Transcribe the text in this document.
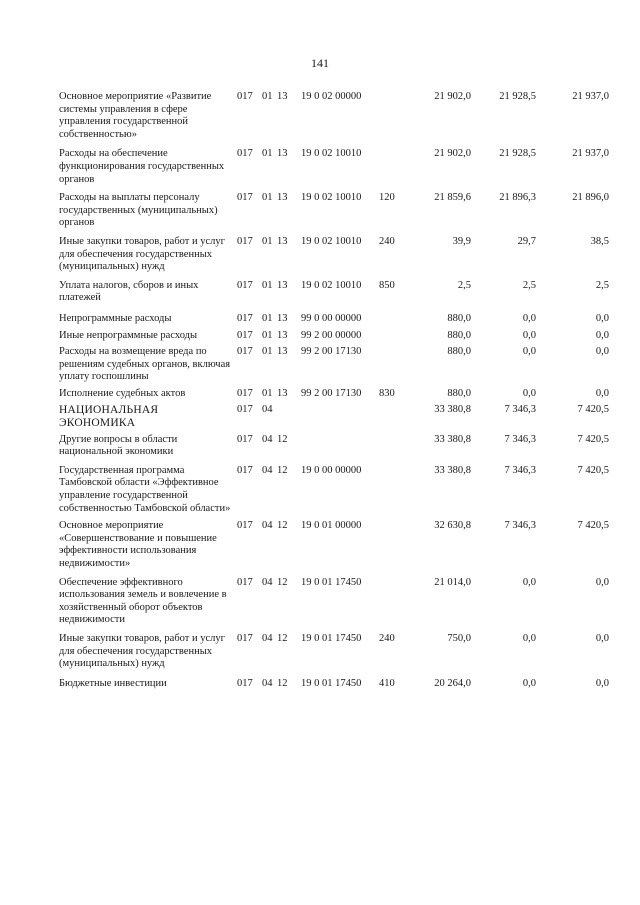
141
Основное мероприятие «Развитие системы управления в сфере управления государственной собственностью»
017 01 13 19 0 02 00000	21 902,0	21 928,5	21 937,0
Расходы на обеспечение функционирования государственных органов
017 01 13 19 0 02 10010	21 902,0	21 928,5	21 937,0
Расходы на выплаты персоналу государственных (муниципальных) органов
017 01 13 19 0 02 10010 120	21 859,6	21 896,3	21 896,0
Иные закупки товаров, работ и услуг для обеспечения государственных (муниципальных) нужд
017 01 13 19 0 02 10010 240	39,9	29,7	38,5
Уплата налогов, сборов и иных платежей
017 01 13 19 0 02 10010 850	2,5	2,5	2,5
Непрограммные расходы	017 01 13 99 0 00 00000	880,0	0,0	0,0
Иные непрограммные расходы	017 01 13 99 2 00 00000	880,0	0,0	0,0
Расходы на возмещение вреда по решениям судебных органов, включая уплату госпошлины
017 01 13 99 2 00 17130	880,0	0,0	0,0
Исполнение судебных актов	017 01 13 99 2 00 17130 830	880,0	0,0	0,0
НАЦИОНАЛЬНАЯ ЭКОНОМИКА
017 04	33 380,8	7 346,3	7 420,5
Другие вопросы в области национальной экономики
017 04 12	33 380,8	7 346,3	7 420,5
Государственная программа Тамбовской области «Эффективное управление государственной собственностью Тамбовской области»
017 04 12 19 0 00 00000	33 380,8	7 346,3	7 420,5
Основное мероприятие «Совершенствование и повышение эффективности использования недвижимости»
017 04 12 19 0 01 00000	32 630,8	7 346,3	7 420,5
Обеспечение эффективного использования земель и вовлечение в хозяйственный оборот объектов недвижимости
017 04 12 19 0 01 17450	21 014,0	0,0	0,0
Иные закупки товаров, работ и услуг для обеспечения государственных (муниципальных) нужд
017 04 12 19 0 01 17450 240	750,0	0,0	0,0
Бюджетные инвестиции	017 04 12 19 0 01 17450 410	20 264,0	0,0	0,0
